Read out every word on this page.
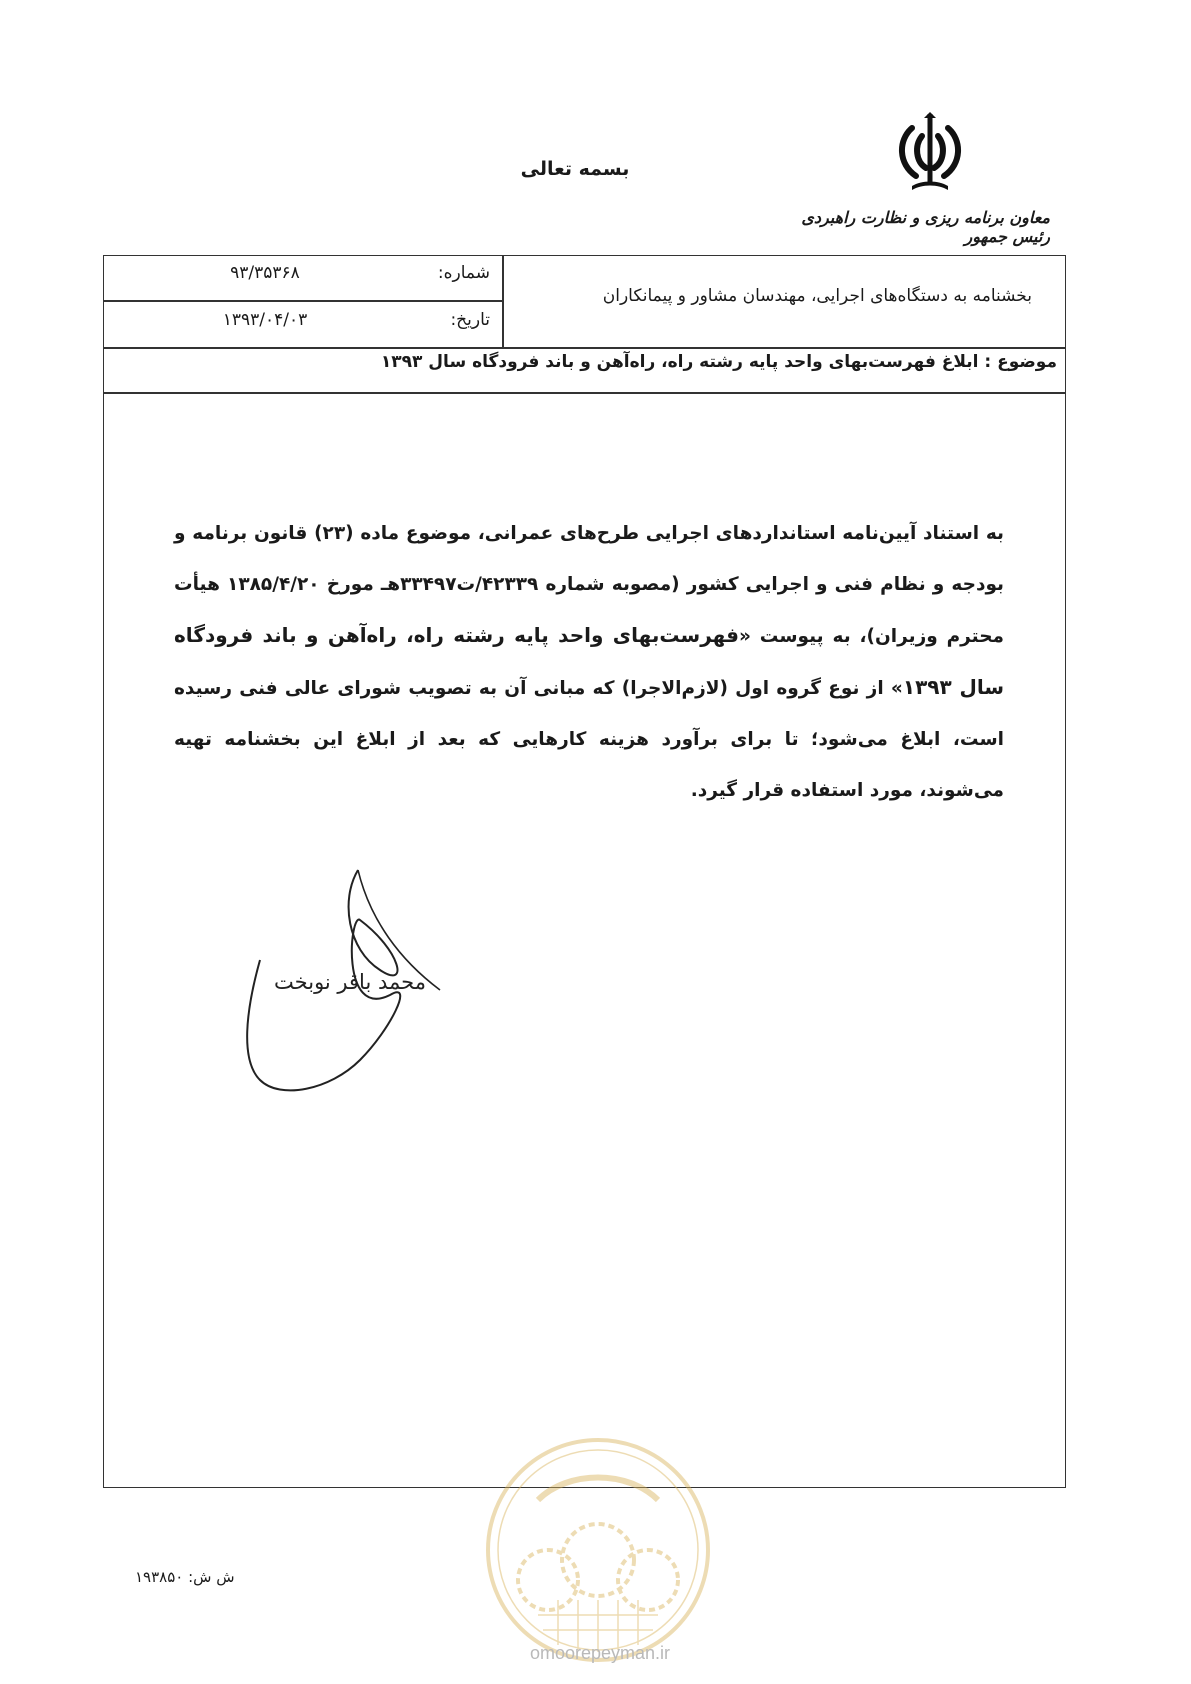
بسمه تعالی
معاون برنامه ریزی و نظارت راهبردی رئیس جمهور
شماره:
۹۳/۳۵۳۶۸
تاریخ:
۱۳۹۳/۰۴/۰۳
بخشنامه به دستگاه‌های اجرایی، مهندسان مشاور و پیمانکاران
موضوع : ابلاغ فهرست‌بهای واحد پایه رشته راه، راه‌آهن و باند فرودگاه سال ۱۳۹۳
به استناد آیین‌نامه استانداردهای اجرایی طرح‌های عمرانی، موضوع ماده (۲۳) قانون برنامه و بودجه و نظام فنی و اجرایی کشور (مصوبه شماره ۴۲۳۳۹/ت۳۳۴۹۷هـ مورخ ۱۳۸۵/۴/۲۰ هیأت محترم وزیران)، به پیوست «فهرست‌بهای واحد پایه رشته راه، راه‌آهن و باند فرودگاه سال ۱۳۹۳» از نوع گروه اول (لازم‌الاجرا) که مبانی آن به تصویب شورای عالی فنی رسیده است، ابلاغ می‌شود؛ تا برای برآورد هزینه کارهایی که بعد از ابلاغ این بخشنامه تهیه می‌شوند، مورد استفاده قرار گیرد.
محمد باقر نوبخت
ش ش: ۱۹۳۸۵۰
omoorepeyman.ir
